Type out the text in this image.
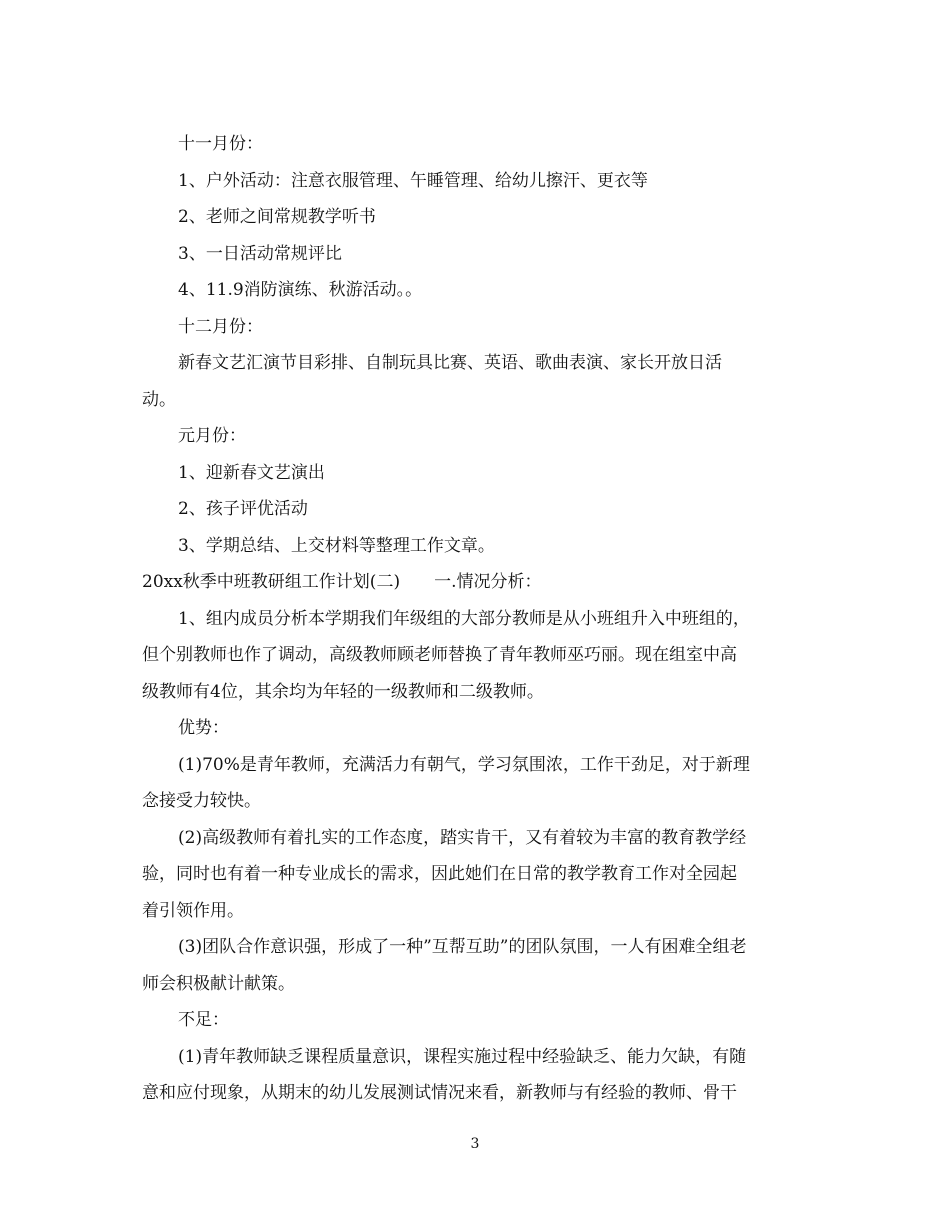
十一月份：

1、户外活动：注意衣服管理、午睡管理、给幼儿擦汗、更衣等

2、老师之间常规教学听书

3、一日活动常规评比

4、11.9消防演练、秋游活动。。

十二月份：

新春文艺汇演节目彩排、自制玩具比赛、英语、歌曲表演、家长开放日活

动。

元月份：

1、迎新春文艺演出

2、孩子评优活动

3、学期总结、上交材料等整理工作文章。

20xx秋季中班教研组工作计划(二) 一.情况分析：

1、组内成员分析本学期我们年级组的大部分教师是从小班组升入中班组的，

但个别教师也作了调动，高级教师顾老师替换了青年教师巫巧丽。现在组室中高

级教师有4位，其余均为年轻的一级教师和二级教师。

优势：

(1)70%是青年教师，充满活力有朝气，学习氛围浓，工作干劲足，对于新理

念接受力较快。

(2)高级教师有着扎实的工作态度，踏实肯干，又有着较为丰富的教育教学经

验，同时也有着一种专业成长的需求，因此她们在日常的教学教育工作对全园起

着引领作用。

(3)团队合作意识强，形成了一种”互帮互助”的团队氛围，一人有困难全组老

师会积极献计献策。

不足：

(1)青年教师缺乏课程质量意识，课程实施过程中经验缺乏、能力欠缺，有随

意和应付现象，从期末的幼儿发展测试情况来看，新教师与有经验的教师、骨干

3
